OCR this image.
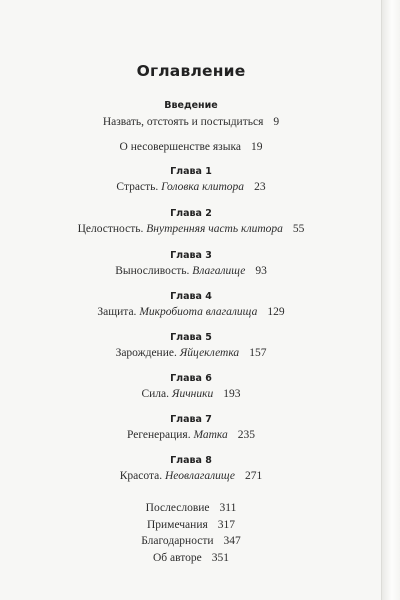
Оглавление
Введение
Назвать, отстоять и постыдиться 9
О несовершенстве языка 19
Глава 1
Страсть. Головка клитора 23
Глава 2
Целостность. Внутренняя часть клитора 55
Глава 3
Выносливость. Влагалище 93
Глава 4
Защита. Микробиота влагалища 129
Глава 5
Зарождение. Яйцеклетка 157
Глава 6
Сила. Яичники 193
Глава 7
Регенерация. Матка 235
Глава 8
Красота. Неовлагалище 271
Послесловие 311
Примечания 317
Благодарности 347
Об авторе 351
